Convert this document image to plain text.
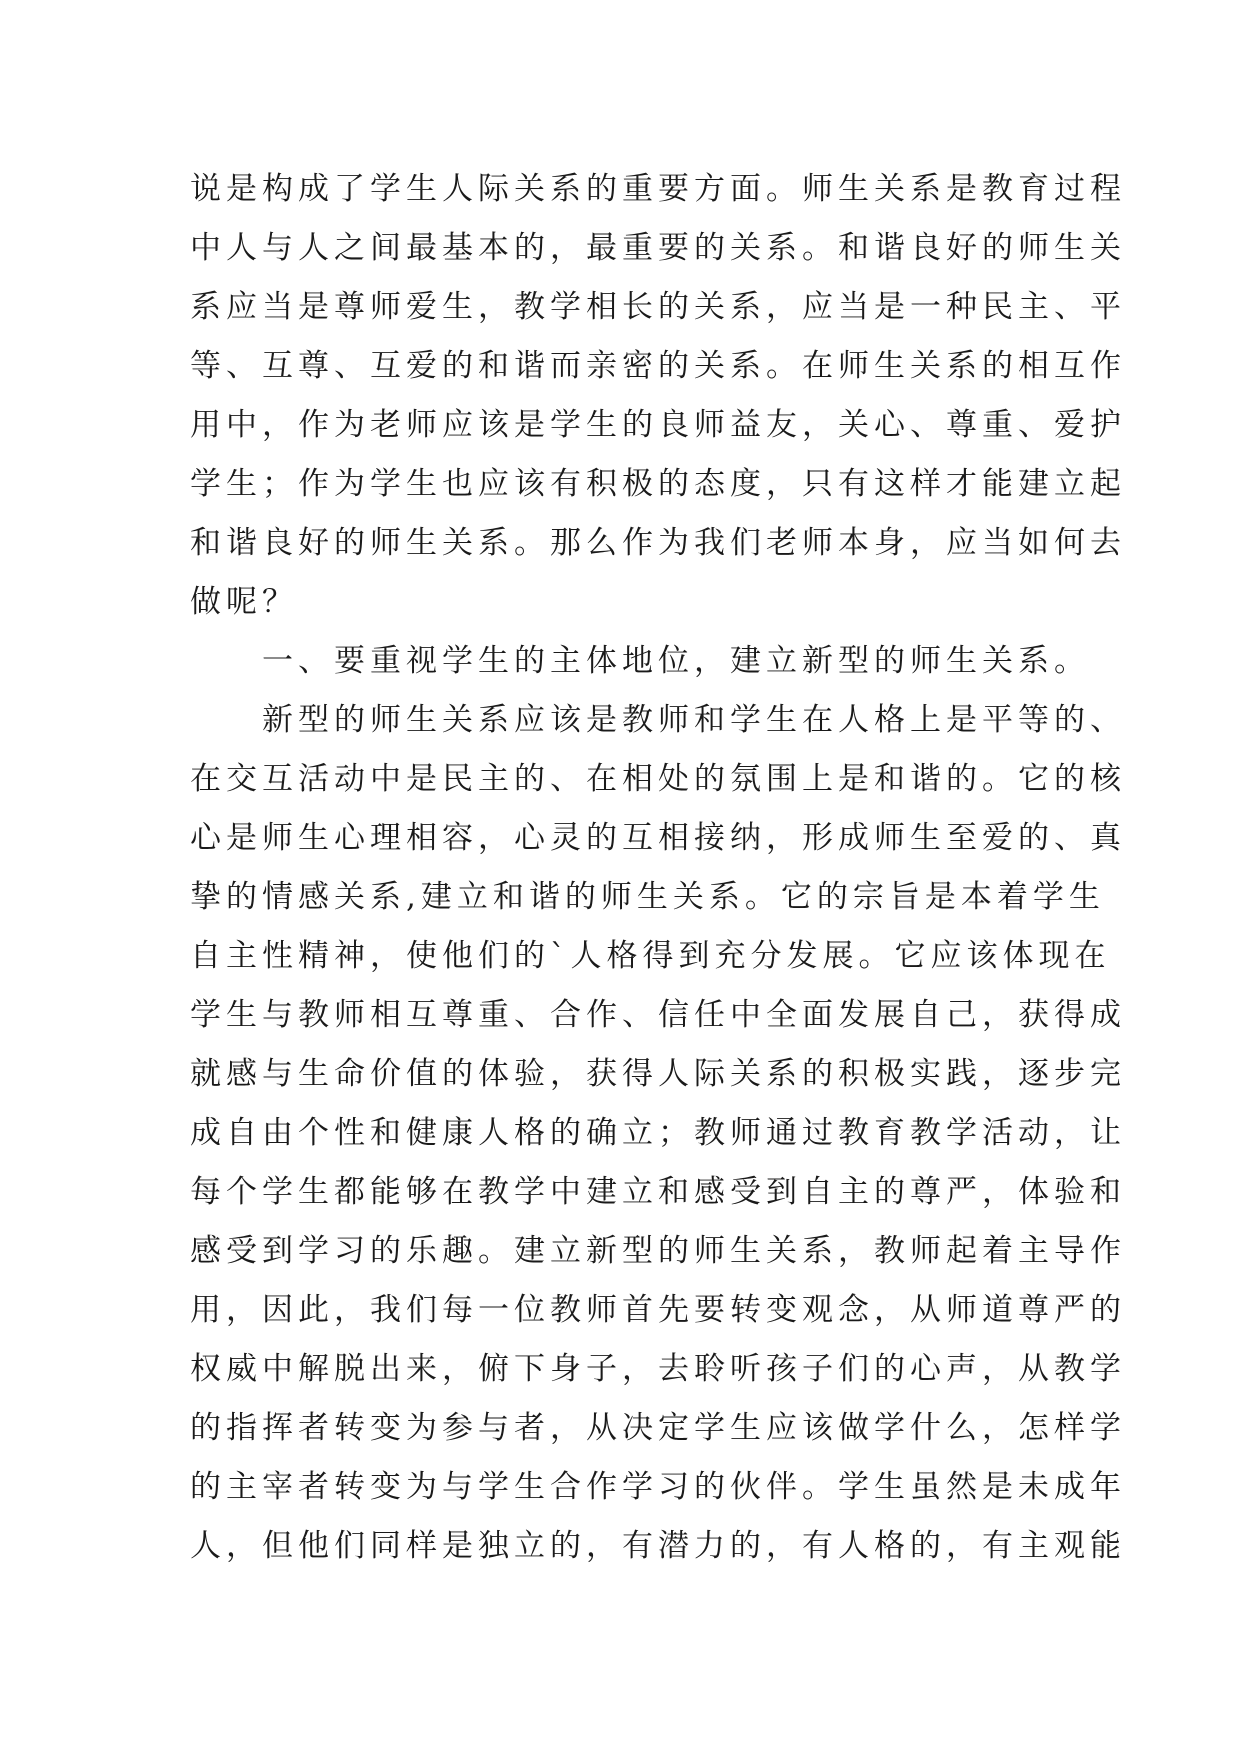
说是构成了学生人际关系的重要方面。师生关系是教育过程
中人与人之间最基本的，最重要的关系。和谐良好的师生关
系应当是尊师爱生，教学相长的关系，应当是一种民主、平
等、互尊、互爱的和谐而亲密的关系。在师生关系的相互作
用中，作为老师应该是学生的良师益友，关心、尊重、爱护
学生；作为学生也应该有积极的态度，只有这样才能建立起
和谐良好的师生关系。那么作为我们老师本身，应当如何去
做呢？
一、要重视学生的主体地位，建立新型的师生关系。
新型的师生关系应该是教师和学生在人格上是平等的、
在交互活动中是民主的、在相处的氛围上是和谐的。它的核
心是师生心理相容，心灵的互相接纳，形成师生至爱的、真
挚的情感关系,建立和谐的师生关系。它的宗旨是本着学生
自主性精神，使他们的`人格得到充分发展。它应该体现在
学生与教师相互尊重、合作、信任中全面发展自己，获得成
就感与生命价值的体验，获得人际关系的积极实践，逐步完
成自由个性和健康人格的确立；教师通过教育教学活动，让
每个学生都能够在教学中建立和感受到自主的尊严，体验和
感受到学习的乐趣。建立新型的师生关系，教师起着主导作
用，因此，我们每一位教师首先要转变观念，从师道尊严的
权威中解脱出来，俯下身子，去聆听孩子们的心声，从教学
的指挥者转变为参与者，从决定学生应该做学什么，怎样学
的主宰者转变为与学生合作学习的伙伴。学生虽然是未成年
人，但他们同样是独立的，有潜力的，有人格的，有主观能
